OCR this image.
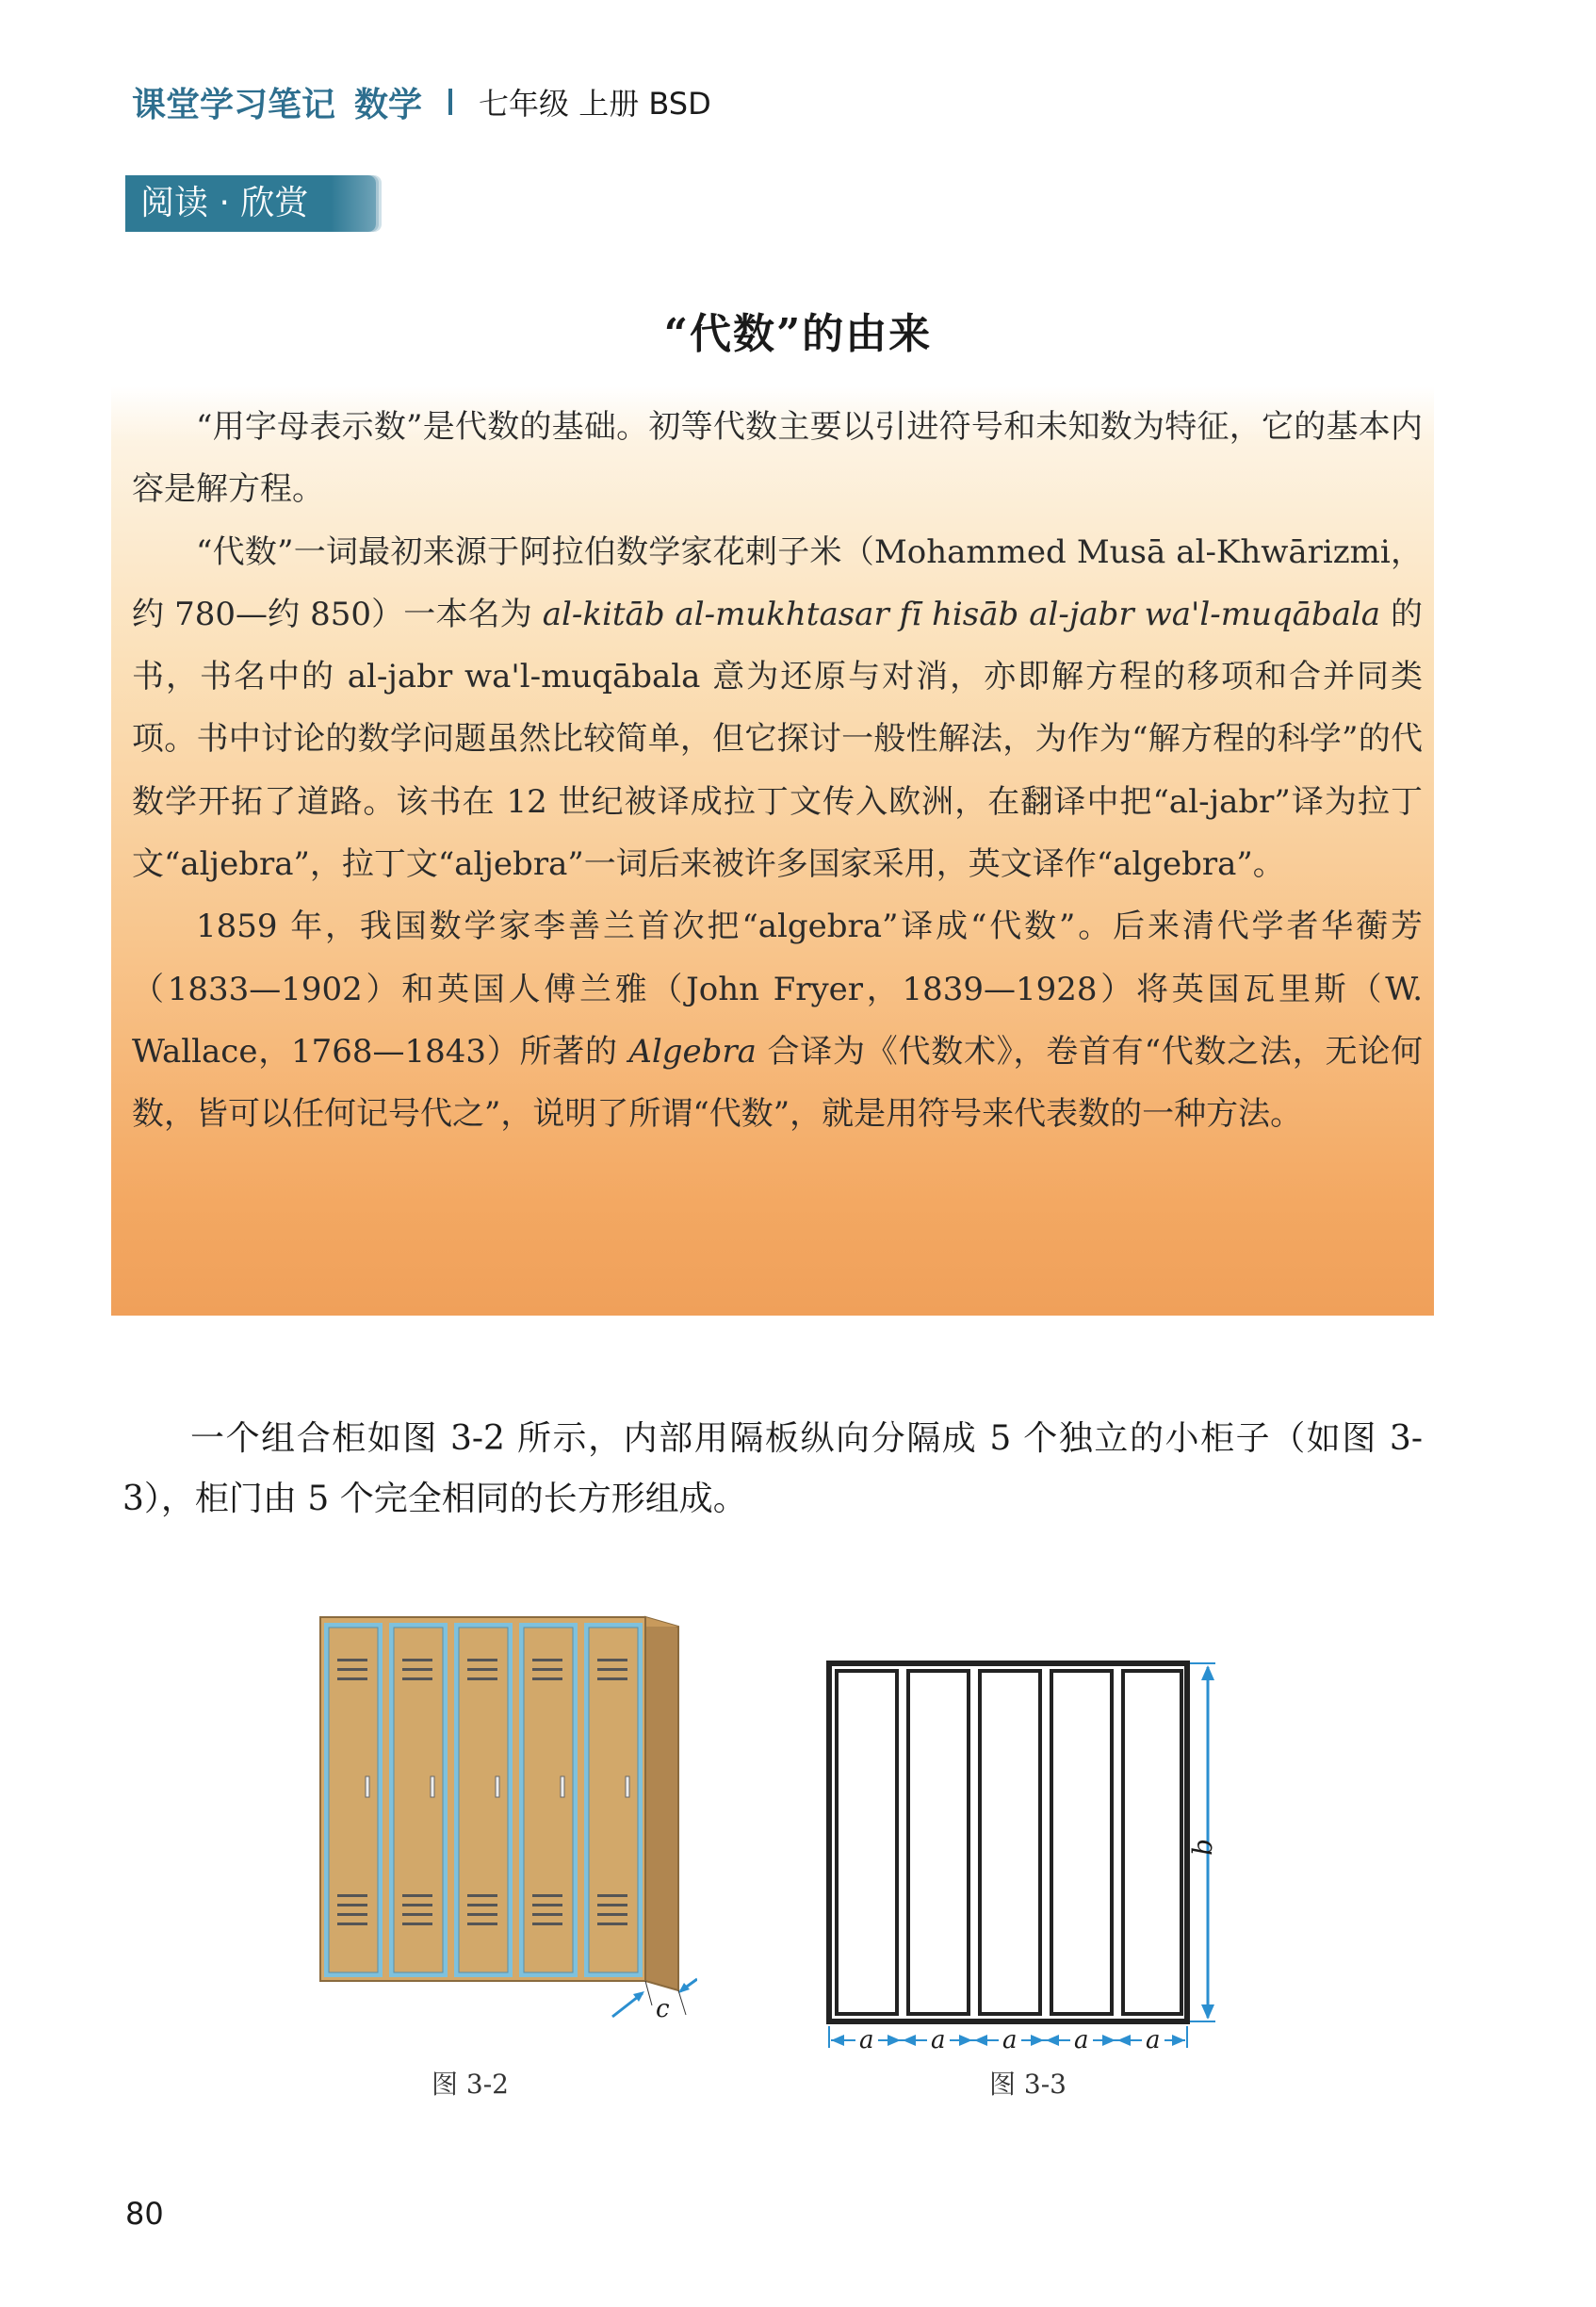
课堂学习笔记 数学 七年级 上册 BSD
阅读 · 欣赏
“代数”的由来

“用字母表示数”是代数的基础。初等代数主要以引进符号和未知数为特征，它的基本内容是解方程。

“代数”一词最初来源于阿拉伯数学家花剌子米（Mohammed Musā al-Khwārizmi，约 780—约 850）一本名为 al-kitāb al-mukhtasar fī hisāb al-jabr wa'l-muqābala 的书，书名中的 al-jabr wa'l-muqābala 意为还原与对消，亦即解方程的移项和合并同类项。书中讨论的数学问题虽然比较简单，但它探讨一般性解法，为作为“解方程的科学”的代数学开拓了道路。该书在 12 世纪被译成拉丁文传入欧洲，在翻译中把“al-jabr”译为拉丁文“aljebra”，拉丁文“aljebra”一词后来被许多国家采用，英文译作“algebra”。

1859 年，我国数学家李善兰首次把“algebra”译成“代数”。后来清代学者华蘅芳（1833—1902）和英国人傅兰雅（John Fryer，1839—1928）将英国瓦里斯（W. Wallace，1768—1843）所著的 Algebra 合译为《代数术》，卷首有“代数之法，无论何数，皆可以任何记号代之”，说明了所谓“代数”，就是用符号来代表数的一种方法。

一个组合柜如图 3-2 所示，内部用隔板纵向分隔成 5 个独立的小柜子（如图 3-3），柜门由 5 个完全相同的长方形组成。

c
图 3-2
b
a a a a a
图 3-3
80
